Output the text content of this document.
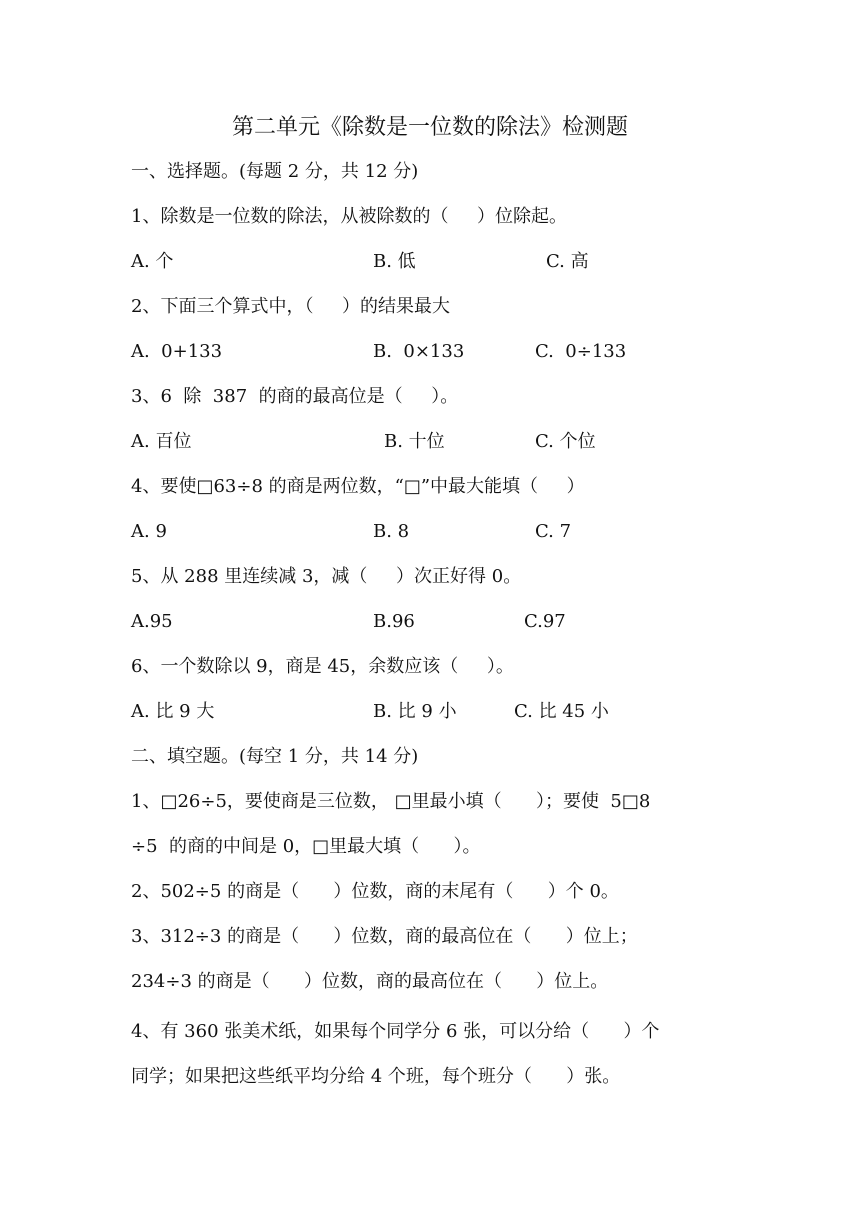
第二单元《除数是一位数的除法》检测题
一、选择题。(每题 2 分，共 12 分)
1、除数是一位数的除法，从被除数的（     ）位除起。
A. 个	B. 低	C. 高
2、下面三个算式中，（     ）的结果最大
A.  0+133	B.  0×133	C.  0÷133
3、6  除  387  的商的最高位是（     ）。
A. 百位	B. 十位	C. 个位
4、要使□63÷8 的商是两位数，“□”中最大能填（     ）
A. 9	B. 8	C. 7
5、从 288 里连续减 3，减（     ）次正好得 0。
A.95	B.96	C.97
6、一个数除以 9，商是 45，余数应该（     ）。
A. 比 9 大	B. 比 9 小	C. 比 45 小
二、填空题。(每空 1 分，共 14 分)
1、□26÷5，要使商是三位数， □里最小填（      ）；要使  5□8
÷5  的商的中间是 0，□里最大填（      ）。
2、502÷5 的商是（      ）位数，商的末尾有（      ）个 0。
3、312÷3 的商是（      ）位数，商的最高位在（      ）位上；
234÷3 的商是（      ）位数，商的最高位在（      ）位上。
4、有 360 张美术纸，如果每个同学分 6 张，可以分给（      ）个
同学；如果把这些纸平均分给 4 个班，每个班分（      ）张。
